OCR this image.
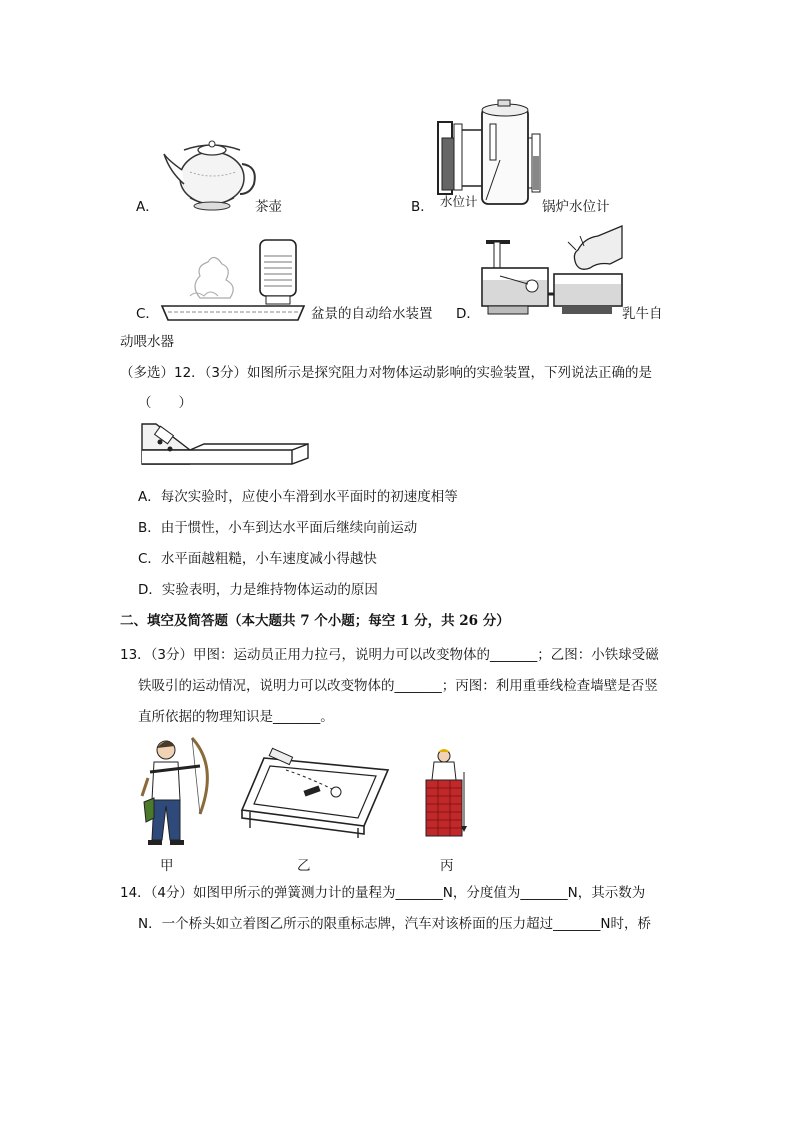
A．	茶壶	B． 水位计	锅炉水位计
C．	盆景的自动给水装置 D．	乳牛自
动喂水器
（多选）12．（3分）如图所示是探究阻力对物体运动影响的实验装置，下列说法正确的是
（　　）
A．每次实验时，应使小车滑到水平面时的初速度相等
B．由于惯性，小车到达水平面后继续向前运动
C．水平面越粗糙，小车速度减小得越快
D．实验表明，力是维持物体运动的原因
二、填空及简答题（本大题共 7 个小题；每空 1 分，共 26 分）
13．（3分）甲图：运动员正用力拉弓，说明力可以改变物体的_______；乙图：小铁球受磁
铁吸引的运动情况，说明力可以改变物体的_______；丙图：利用重垂线检查墙壁是否竖
直所依据的物理知识是_______。
甲	乙	丙
14．（4分）如图甲所示的弹簧测力计的量程为_______N，分度值为_______N，其示数为
N．一个桥头如立着图乙所示的限重标志牌，汽车对该桥面的压力超过_______N时，桥
